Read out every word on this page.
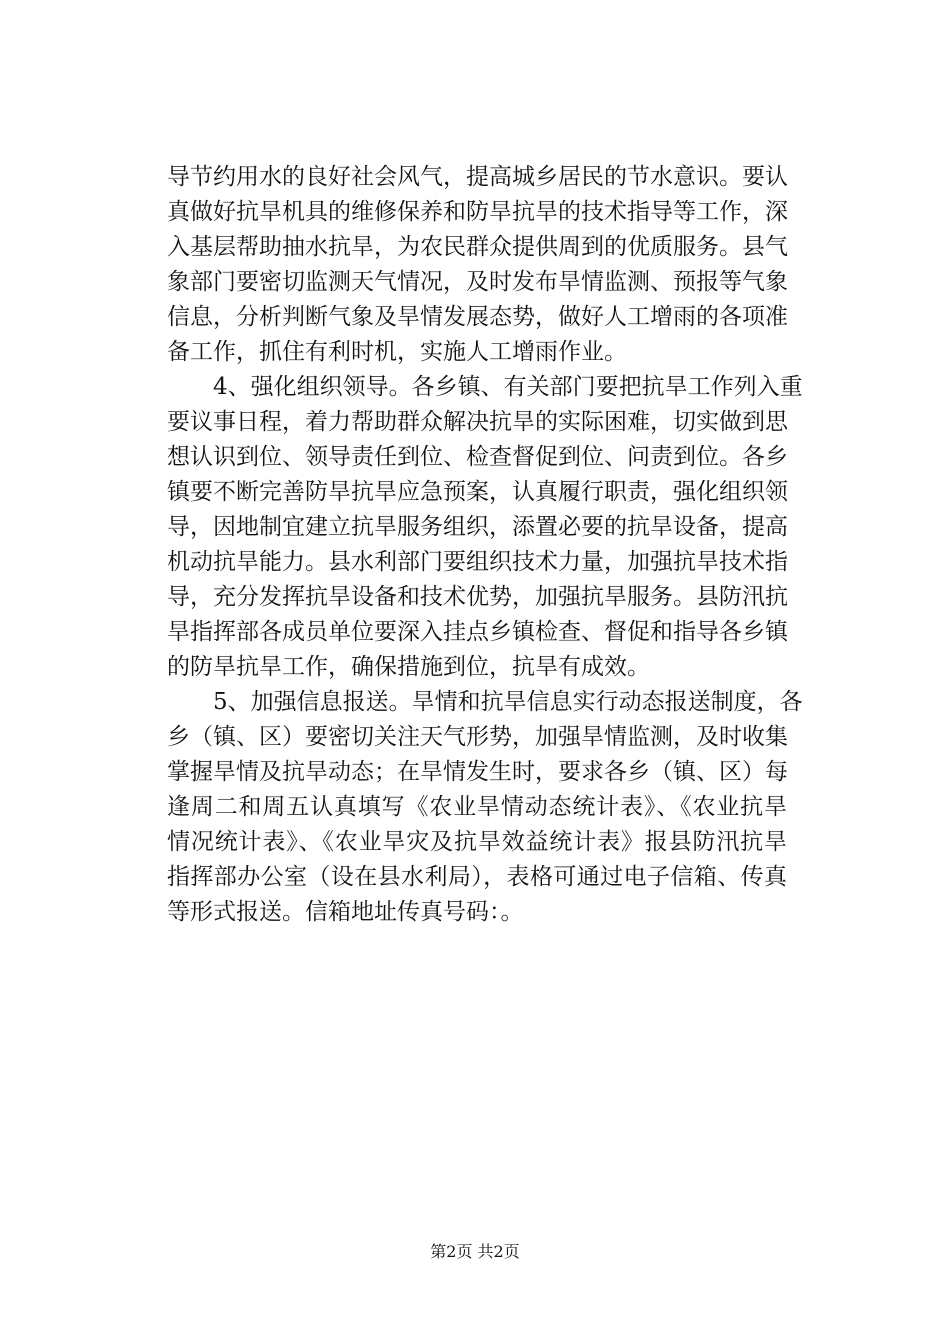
导节约用水的良好社会风气，提高城乡居民的节水意识。要认
真做好抗旱机具的维修保养和防旱抗旱的技术指导等工作，深
入基层帮助抽水抗旱，为农民群众提供周到的优质服务。县气
象部门要密切监测天气情况，及时发布旱情监测、预报等气象
信息，分析判断气象及旱情发展态势，做好人工增雨的各项准
备工作，抓住有利时机，实施人工增雨作业。
　　4、强化组织领导。各乡镇、有关部门要把抗旱工作列入重
要议事日程，着力帮助群众解决抗旱的实际困难，切实做到思
想认识到位、领导责任到位、检查督促到位、问责到位。各乡
镇要不断完善防旱抗旱应急预案，认真履行职责，强化组织领
导，因地制宜建立抗旱服务组织，添置必要的抗旱设备，提高
机动抗旱能力。县水利部门要组织技术力量，加强抗旱技术指
导，充分发挥抗旱设备和技术优势，加强抗旱服务。县防汛抗
旱指挥部各成员单位要深入挂点乡镇检查、督促和指导各乡镇
的防旱抗旱工作，确保措施到位，抗旱有成效。
　　5、加强信息报送。旱情和抗旱信息实行动态报送制度，各
乡（镇、区）要密切关注天气形势，加强旱情监测，及时收集
掌握旱情及抗旱动态；在旱情发生时，要求各乡（镇、区）每
逢周二和周五认真填写《农业旱情动态统计表》、《农业抗旱
情况统计表》、《农业旱灾及抗旱效益统计表》报县防汛抗旱
指挥部办公室（设在县水利局），表格可通过电子信箱、传真
等形式报送。信箱地址传真号码：。
第2页 共2页
